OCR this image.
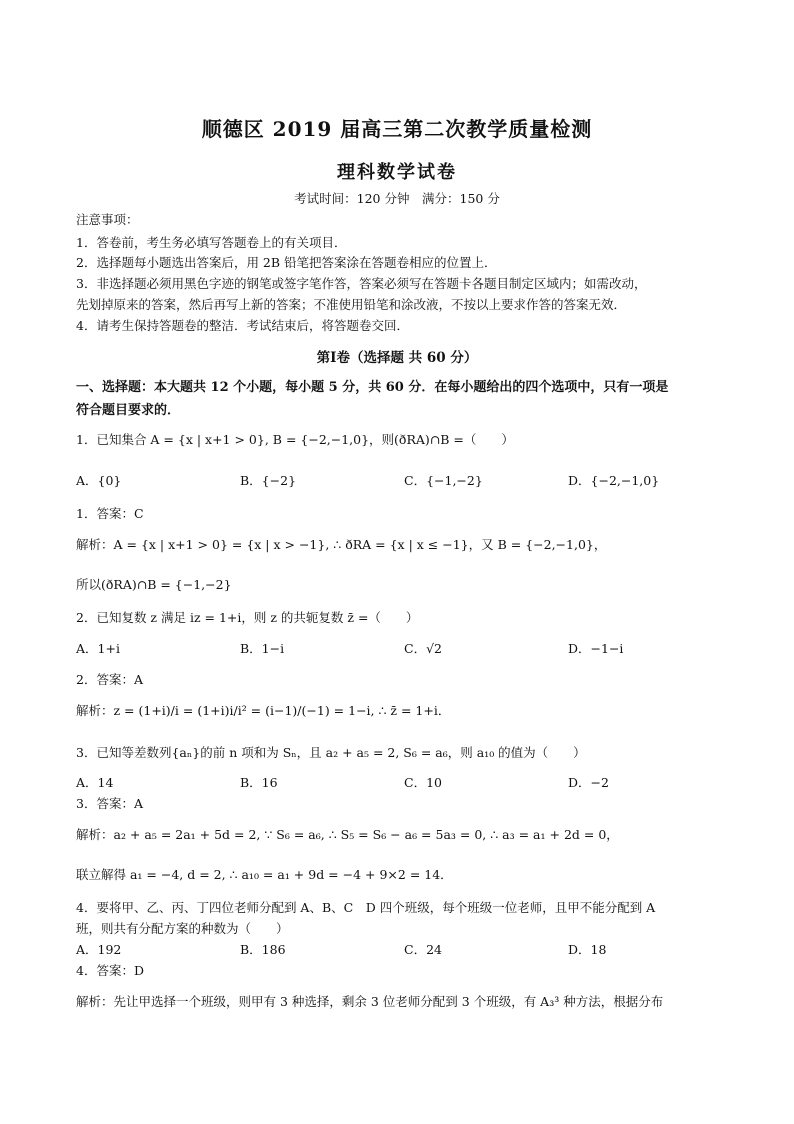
顺德区 2019 届高三第二次教学质量检测
理科数学试卷
考试时间：120 分钟　满分：150 分
注意事项：
1．答卷前，考生务必填写答题卷上的有关项目．
2．选择题每小题选出答案后，用 2B 铅笔把答案涂在答题卷相应的位置上．
3．非选择题必须用黑色字迹的钢笔或签字笔作答，答案必须写在答题卡各题目制定区域内；如需改动，
先划掉原来的答案，然后再写上新的答案；不准使用铅笔和涂改液，不按以上要求作答的答案无效．
4．请考生保持答题卷的整洁．考试结束后，将答题卷交回．
第Ⅰ卷（选择题 共 60 分）
一、选择题：本大题共 12 个小题，每小题 5 分，共 60 分．在每小题给出的四个选项中，只有一项是
符合题目要求的．
1．已知集合 A = {x | x+1 > 0}, B = {−2,−1,0}，则(ðRA)∩B =（　　）
A．{0}	B．{−2}	C．{−1,−2}	D．{−2,−1,0}
1．答案：C
解析：A = {x | x+1 > 0} = {x | x > −1}, ∴ ðRA = {x | x ≤ −1}，又 B = {−2,−1,0}，
所以(ðRA)∩B = {−1,−2}
2．已知复数 z 满足 iz = 1+i，则 z 的共轭复数 z̄ =（　　）
A．1+i	B．1−i	C．√2	D．−1−i
2．答案：A
解析：z = (1+i)/i = (1+i)i/i² = (i−1)/(−1) = 1−i, ∴ z̄ = 1+i．
3．已知等差数列{aₙ}的前 n 项和为 Sₙ，且 a₂ + a₅ = 2, S₆ = a₆，则 a₁₀ 的值为（　　）
A．14	B．16	C．10	D．−2
3．答案：A
解析：a₂ + a₅ = 2a₁ + 5d = 2, ∵ S₆ = a₆, ∴ S₅ = S₆ − a₆ = 5a₃ = 0, ∴ a₃ = a₁ + 2d = 0，
联立解得 a₁ = −4, d = 2, ∴ a₁₀ = a₁ + 9d = −4 + 9×2 = 14．
4．要将甲、乙、丙、丁四位老师分配到 A、B、C　D 四个班级，每个班级一位老师，且甲不能分配到 A
班，则共有分配方案的种数为（　　）
A．192	B．186	C．24	D．18
4．答案：D
解析：先让甲选择一个班级，则甲有 3 种选择，剩余 3 位老师分配到 3 个班级，有 A₃³ 种方法，根据分布
